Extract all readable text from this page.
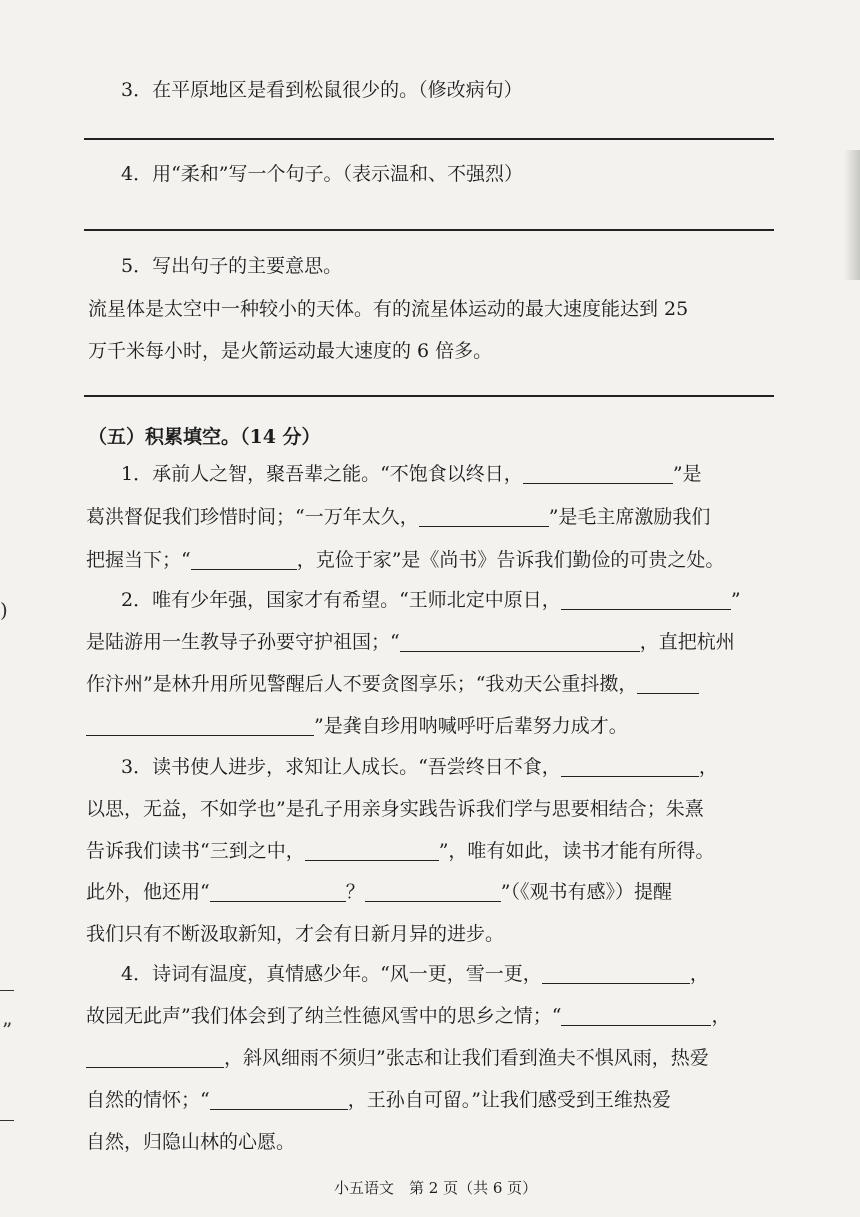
3．在平原地区是看到松鼠很少的。（修改病句）
4．用“柔和”写一个句子。（表示温和、不强烈）
5．写出句子的主要意思。
流星体是太空中一种较小的天体。有的流星体运动的最大速度能达到 25
万千米每小时，是火箭运动最大速度的 6 倍多。
（五）积累填空。（14 分）
1．承前人之智，聚吾辈之能。“不饱食以终日，	”是
葛洪督促我们珍惜时间；“一万年太久，	”是毛主席激励我们
把握当下；“	，克俭于家”是《尚书》告诉我们勤俭的可贵之处。
2．唯有少年强，国家才有希望。“王师北定中原日，	”
是陆游用一生教导子孙要守护祖国；“	，直把杭州
作汴州”是林升用所见警醒后人不要贪图享乐；“我劝天公重抖擞，
”是龚自珍用呐喊呼吁后辈努力成才。
3．读书使人进步，求知让人成长。“吾尝终日不食，	，
以思，无益，不如学也”是孔子用亲身实践告诉我们学与思要相结合；朱熹
告诉我们读书“三到之中，	”，唯有如此，读书才能有所得。
此外，他还用“	？	”（《观书有感》）提醒
我们只有不断汲取新知，才会有日新月异的进步。
4．诗词有温度，真情感少年。“风一更，雪一更，	，
故园无此声”我们体会到了纳兰性德风雪中的思乡之情；“	，
，斜风细雨不须归”张志和让我们看到渔夫不惧风雨，热爱
自然的情怀；“	，王孙自可留。”让我们感受到王维热爱
自然，归隐山林的心愿。
小五语文　第 2 页（共 6 页）
)
”
